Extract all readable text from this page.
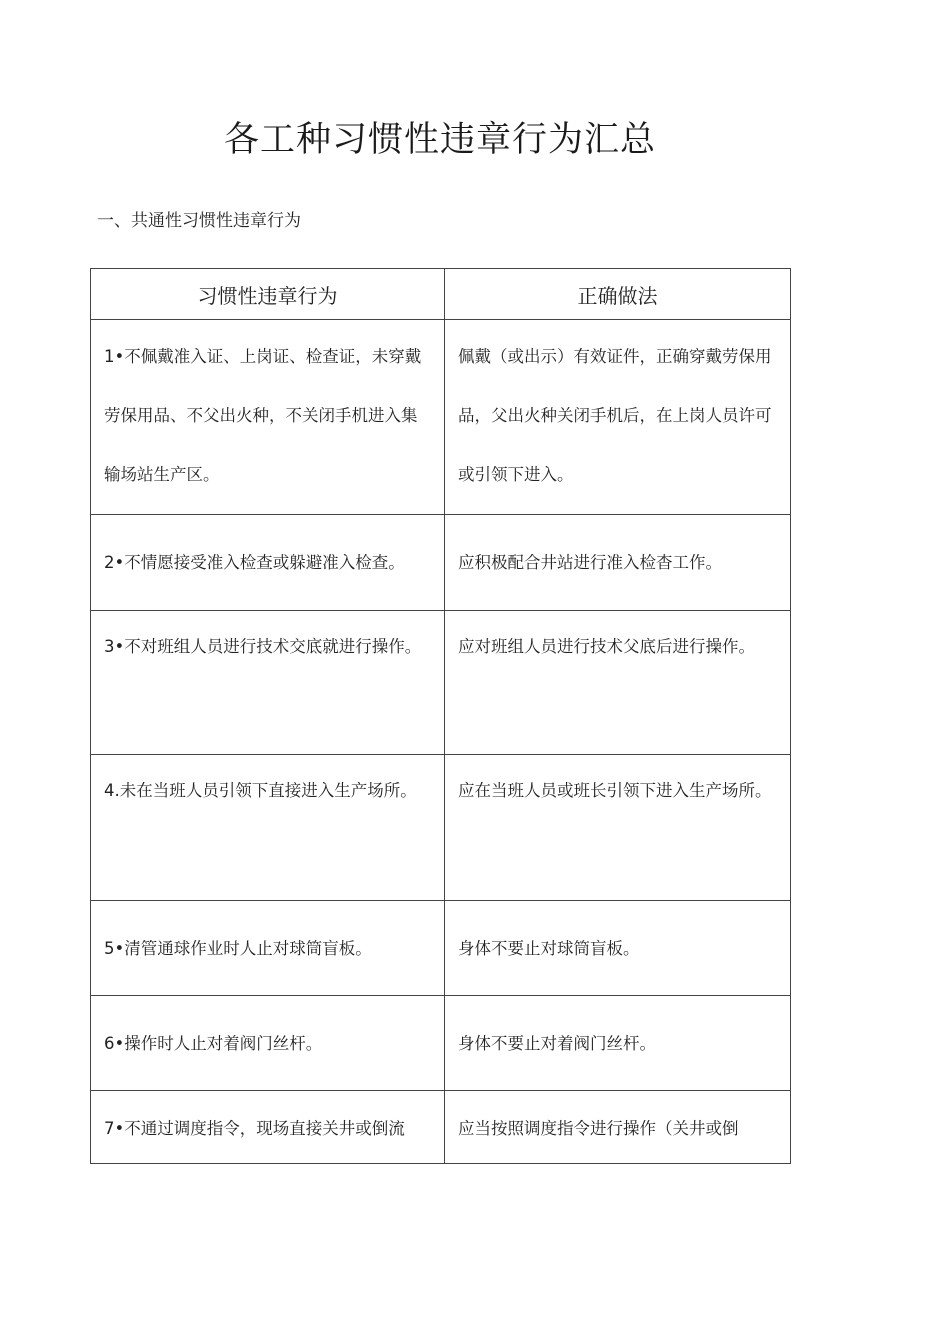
各工种习惯性违章行为汇总
一、共通性习惯性违章行为
习惯性违章行为	正确做法

1•不佩戴准入证、上岗证、检查证，未穿戴劳保用品、不父出火种，不关闭手机进入集输场站生产区。	佩戴（或出示）有效证件，正确穿戴劳保用品，父出火种关闭手机后，在上岗人员许可或引领下进入。

2•不情愿接受准入检查或躲避准入检查。	应积极配合井站进行准入检杳工作。

3•不对班组人员进行技术交底就进行操作。	应对班组人员进行技术父底后进行操作。

4.未在当班人员引领下直接进入生产场所。	应在当班人员或班长引领下进入生产场所。

5•清管通球作业时人止对球筒盲板。	身体不要止对球筒盲板。

6•操作时人止对着阀门丝杆。	身体不要止对着阀门丝杆。

7•不通过调度指令，现场直接关井或倒流	应当按照调度指令进行操作（关井或倒
